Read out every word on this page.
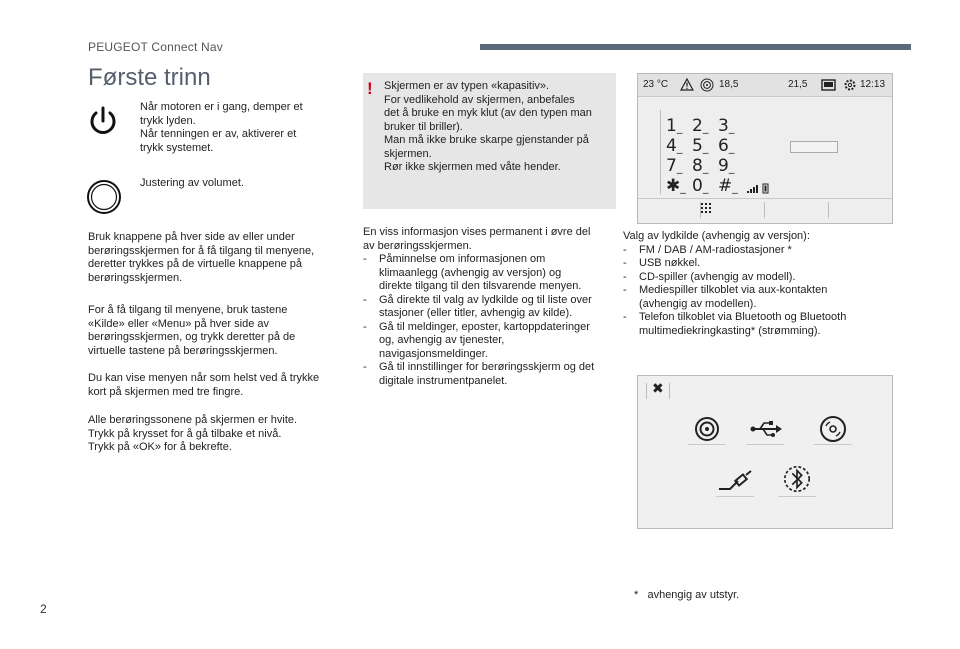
PEUGEOT Connect Nav
Første trinn

Når motoren er i gang, demper et

trykk lyden.

Når tenningen er av, aktiverer et

trykk systemet.

Justering av volumet.

Bruk knappene på hver side av eller under

berøringsskjermen for å få tilgang til menyene,

deretter trykkes på de virtuelle knappene på

berøringsskjermen.

For å få tilgang til menyene, bruk tastene

«Kilde» eller «Menu» på hver side av

berøringsskjermen, og trykk deretter på de

virtuelle tastene på berøringsskjermen.

Du kan vise menyen når som helst ved å trykke

kort på skjermen med tre fingre.

Alle berøringssonene på skjermen er hvite.

Trykk på krysset for å gå tilbake et nivå.

Trykk på «OK» for å bekrefte.

! Skjermen er av typen «kapasitiv».

For vedlikehold av skjermen, anbefales

det å bruke en myk klut (av den typen man

bruker til briller).

Man må ikke bruke skarpe gjenstander på

skjermen.

Rør ikke skjermen med våte hender.

En viss informasjon vises permanent i øvre del

av berøringsskjermen.

- Påminnelse om informasjonen om

klimaanlegg (avhengig av versjon) og

direkte tilgang til den tilsvarende menyen.

- Gå direkte til valg av lydkilde og til liste over

stasjoner (eller titler, avhengig av kilde).

- Gå til meldinger, eposter, kartoppdateringer

og, avhengig av tjenester,

navigasjonsmeldinger.

- Gå til innstillinger for berøringsskjerm og det

digitale instrumentpanelet.

23 °C	18,5	21,5	12:13
1_ 2_ 3_
4_ 5_ 6_
7_ 8_ 9_
✱_ 0_ #_

Valg av lydkilde (avhengig av versjon):

- FM / DAB / AM-radiostasjoner *

- USB nøkkel.

- CD-spiller (avhengig av modell).

- Mediespiller tilkoblet via aux-kontakten

(avhengig av modellen).

- Telefon tilkoblet via Bluetooth og Bluetooth

multimediekringkasting* (strømming).

✖
* avhengig av utstyr.
2
